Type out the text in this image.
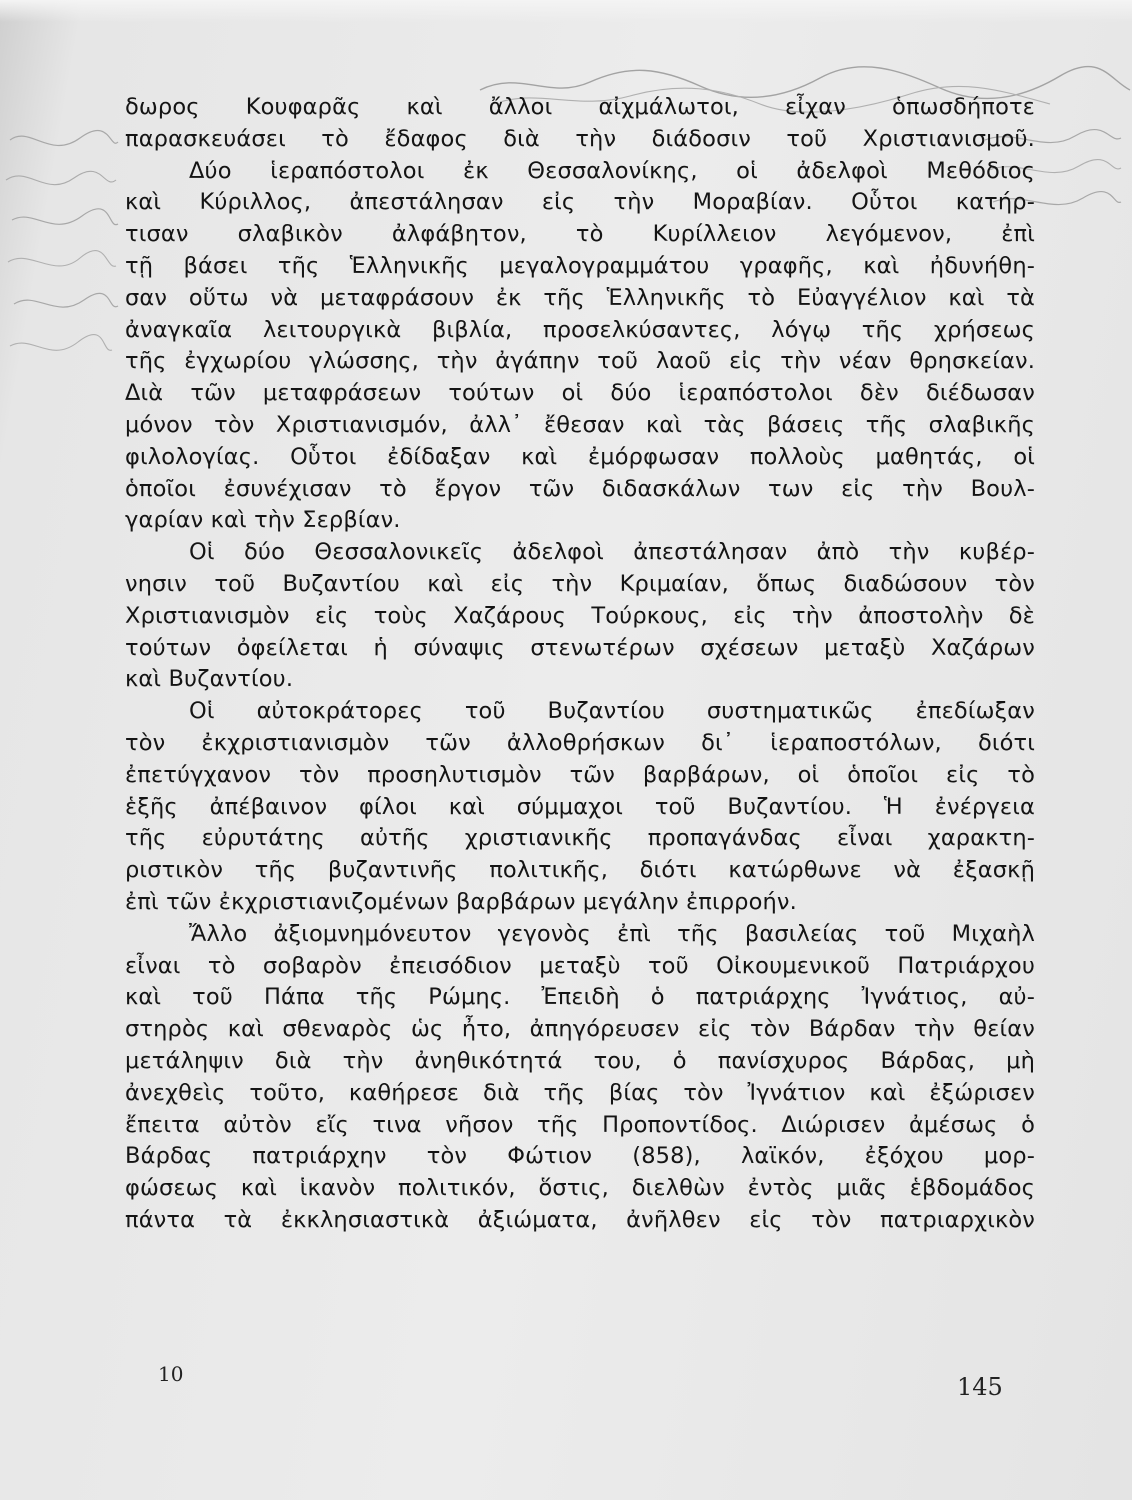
δωρος Κουφαρᾶς καὶ ἄλλοι αἰχμάλωτοι, εἶχαν ὁπωσδήποτε
παρασκευάσει τὸ ἔδαφος διὰ τὴν διάδοσιν τοῦ Χριστιανισμοῦ.
Δύο ἱεραπόστολοι ἐκ Θεσσαλονίκης, οἱ ἀδελφοὶ Μεθόδιος
καὶ Κύριλλος, ἀπεστάλησαν εἰς τὴν Μοραβίαν. Οὗτοι κατήρ-
τισαν σλαβικὸν ἀλφάβητον, τὸ Κυρίλλειον λεγόμενον, ἐπὶ
τῇ βάσει τῆς Ἑλληνικῆς μεγαλογραμμάτου γραφῆς, καὶ ἠδυνήθη-
σαν οὕτω νὰ μεταφράσουν ἐκ τῆς Ἑλληνικῆς τὸ Εὐαγγέλιον καὶ τὰ
ἀναγκαῖα λειτουργικὰ βιβλία, προσελκύσαντες, λόγῳ τῆς χρήσεως
τῆς ἐγχωρίου γλώσσης, τὴν ἀγάπην τοῦ λαοῦ εἰς τὴν νέαν θρησκείαν.
Διὰ τῶν μεταφράσεων τούτων οἱ δύο ἱεραπόστολοι δὲν διέδωσαν
μόνον τὸν Χριστιανισμόν, ἀλλ᾽ ἔθεσαν καὶ τὰς βάσεις τῆς σλαβικῆς
φιλολογίας. Οὗτοι ἐδίδαξαν καὶ ἐμόρφωσαν πολλοὺς μαθητάς, οἱ
ὁποῖοι ἐσυνέχισαν τὸ ἔργον τῶν διδασκάλων των εἰς τὴν Βουλ-
γαρίαν καὶ τὴν Σερβίαν.
Οἱ δύο Θεσσαλονικεῖς ἀδελφοὶ ἀπεστάλησαν ἀπὸ τὴν κυβέρ-
νησιν τοῦ Βυζαντίου καὶ εἰς τὴν Κριμαίαν, ὅπως διαδώσουν τὸν
Χριστιανισμὸν εἰς τοὺς Χαζάρους Τούρκους, εἰς τὴν ἀποστολὴν δὲ
τούτων ὀφείλεται ἡ σύναψις στενωτέρων σχέσεων μεταξὺ Χαζάρων
καὶ Βυζαντίου.
Οἱ αὐτοκράτορες τοῦ Βυζαντίου συστηματικῶς ἐπεδίωξαν
τὸν ἐκχριστιανισμὸν τῶν ἀλλοθρήσκων δι᾽ ἱεραποστόλων, διότι
ἐπετύγχανον τὸν προσηλυτισμὸν τῶν βαρβάρων, οἱ ὁποῖοι εἰς τὸ
ἑξῆς ἀπέβαινον φίλοι καὶ σύμμαχοι τοῦ Βυζαντίου. Ἡ ἐνέργεια
τῆς εὐρυτάτης αὐτῆς χριστιανικῆς προπαγάνδας εἶναι χαρακτη-
ριστικὸν τῆς βυζαντινῆς πολιτικῆς, διότι κατώρθωνε νὰ ἐξασκῇ
ἐπὶ τῶν ἐκχριστιανιζομένων βαρβάρων μεγάλην ἐπιρροήν.
Ἄλλο ἀξιομνημόνευτον γεγονὸς ἐπὶ τῆς βασιλείας τοῦ Μιχαὴλ
εἶναι τὸ σοβαρὸν ἐπεισόδιον μεταξὺ τοῦ Οἰκουμενικοῦ Πατριάρχου
καὶ τοῦ Πάπα τῆς Ρώμης. Ἐπειδὴ ὁ πατριάρχης Ἰγνάτιος, αὐ-
στηρὸς καὶ σθεναρὸς ὡς ἦτο, ἀπηγόρευσεν εἰς τὸν Βάρδαν τὴν θείαν
μετάληψιν διὰ τὴν ἀνηθικότητά του, ὁ πανίσχυρος Βάρδας, μὴ
ἀνεχθεὶς τοῦτο, καθήρεσε διὰ τῆς βίας τὸν Ἰγνάτιον καὶ ἐξώρισεν
ἔπειτα αὐτὸν εἴς τινα νῆσον τῆς Προποντίδος. Διώρισεν ἀμέσως ὁ
Βάρδας πατριάρχην τὸν Φώτιον (858), λαϊκόν, ἐξόχου μορ-
φώσεως καὶ ἱκανὸν πολιτικόν, ὅστις, διελθὼν ἐντὸς μιᾶς ἑβδομάδος
πάντα τὰ ἐκκλησιαστικὰ ἀξιώματα, ἀνῆλθεν εἰς τὸν πατριαρχικὸν
10	145
